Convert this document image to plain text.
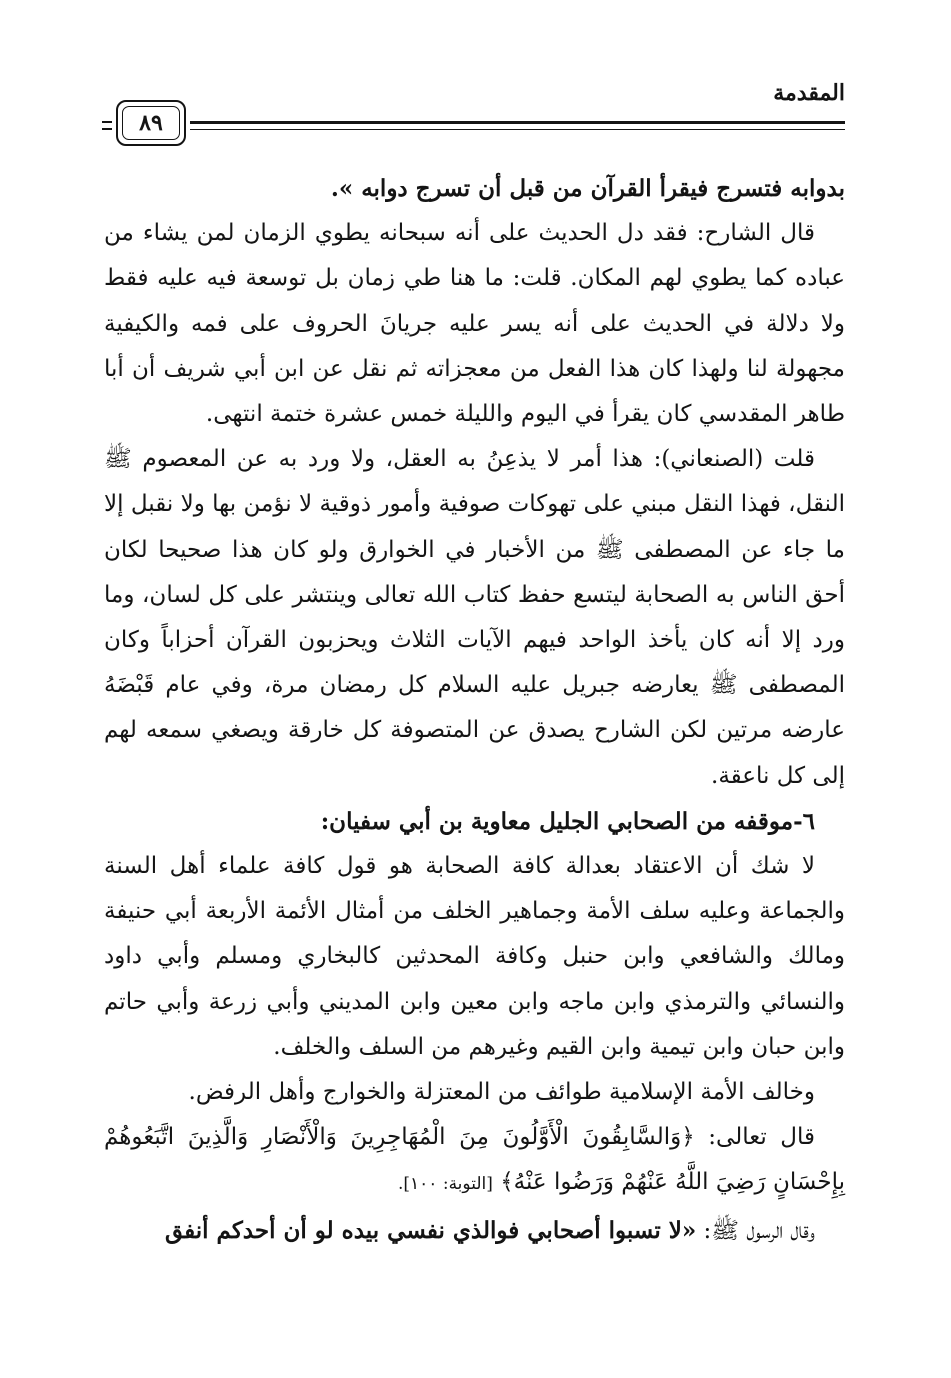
المقدمة
٨٩

بدوابه فتسرج فيقرأ القرآن من قبل أن تسرج دوابه ».

قال الشارح: فقد دل الحديث على أنه سبحانه يطوي الزمان لمن يشاء من عباده كما يطوي لهم المكان. قلت: ما هنا طي زمان بل توسعة فيه عليه فقط ولا دلالة في الحديث على أنه يسر عليه جريانَ الحروف على فمه والكيفية مجهولة لنا ولهذا كان هذا الفعل من معجزاته ثم نقل عن ابن أبي شريف أن أبا طاهر المقدسي كان يقرأ في اليوم والليلة خمس عشرة ختمة انتهى.

قلت (الصنعاني): هذا أمر لا يذعِنُ به العقل، ولا ورد به عن المعصوم ﷺ النقل، فهذا النقل مبني على تهوكات صوفية وأمور ذوقية لا نؤمن بها ولا نقبل إلا ما جاء عن المصطفى ﷺ من الأخبار في الخوارق ولو كان هذا صحيحا لكان أحق الناس به الصحابة ليتسع حفظ كتاب الله تعالى وينتشر على كل لسان، وما ورد إلا أنه كان يأخذ الواحد فيهم الآيات الثلاث ويحزبون القرآن أحزاباً وكان المصطفى ﷺ يعارضه جبريل عليه السلام كل رمضان مرة، وفي عام قَبْضَهُ عارضه مرتين لكن الشارح يصدق عن المتصوفة كل خارقة ويصغي سمعه لهم إلى كل ناعقة.

٦-موقفه من الصحابي الجليل معاوية بن أبي سفيان:

لا شك أن الاعتقاد بعدالة كافة الصحابة هو قول كافة علماء أهل السنة والجماعة وعليه سلف الأمة وجماهير الخلف من أمثال الأئمة الأربعة أبي حنيفة ومالك والشافعي وابن حنبل وكافة المحدثين كالبخاري ومسلم وأبي داود والنسائي والترمذي وابن ماجه وابن معين وابن المديني وأبي زرعة وأبي حاتم وابن حبان وابن تيمية وابن القيم وغيرهم من السلف والخلف.

وخالف الأمة الإسلامية طوائف من المعتزلة والخوارج وأهل الرفض.

قال تعالى: ﴿وَالسَّابِقُونَ الْأَوَّلُونَ مِنَ الْمُهَاجِرِينَ وَالْأَنْصَارِ وَالَّذِينَ اتَّبَعُوهُمْ بِإِحْسَانٍ رَضِيَ اللَّهُ عَنْهُمْ وَرَضُوا عَنْهُ﴾ [التوبة: ١٠٠].

وقال الرسول ﷺ: «لا تسبوا أصحابي فوالذي نفسي بيده لو أن أحدكم أنفق
